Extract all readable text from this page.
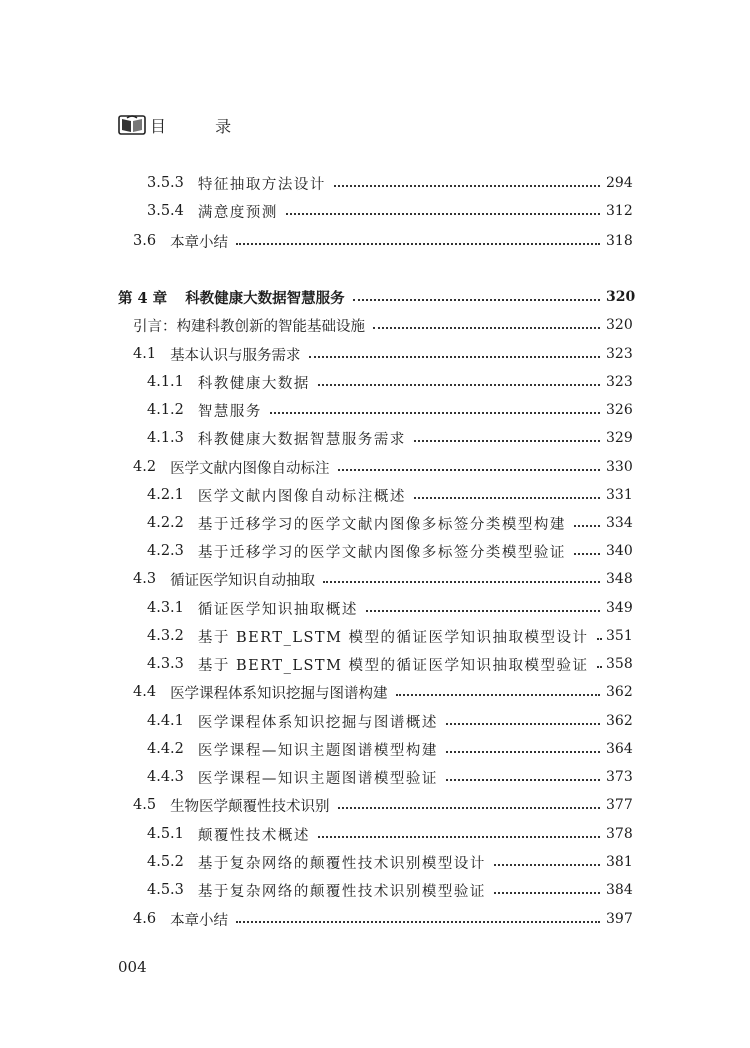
目 录
3.5.3 特征抽取方法设计	294
3.5.4 满意度预测	312
3.6 本章小结	318
第 4 章 科教健康大数据智慧服务	320
引言：构建科教创新的智能基础设施	320
4.1 基本认识与服务需求	323
4.1.1 科教健康大数据	323
4.1.2 智慧服务	326
4.1.3 科教健康大数据智慧服务需求	329
4.2 医学文献内图像自动标注	330
4.2.1 医学文献内图像自动标注概述	331
4.2.2 基于迁移学习的医学文献内图像多标签分类模型构建	334
4.2.3 基于迁移学习的医学文献内图像多标签分类模型验证	340
4.3 循证医学知识自动抽取	348
4.3.1 循证医学知识抽取概述	349
4.3.2 基于 BERT_LSTM 模型的循证医学知识抽取模型设计 351
4.3.3 基于 BERT_LSTM 模型的循证医学知识抽取模型验证 358
4.4 医学课程体系知识挖掘与图谱构建	362
4.4.1 医学课程体系知识挖掘与图谱概述	362
4.4.2 医学课程—知识主题图谱模型构建	364
4.4.3 医学课程—知识主题图谱模型验证	373
4.5 生物医学颠覆性技术识别	377
4.5.1 颠覆性技术概述	378
4.5.2 基于复杂网络的颠覆性技术识别模型设计	381
4.5.3 基于复杂网络的颠覆性技术识别模型验证	384
4.6 本章小结	397
004
